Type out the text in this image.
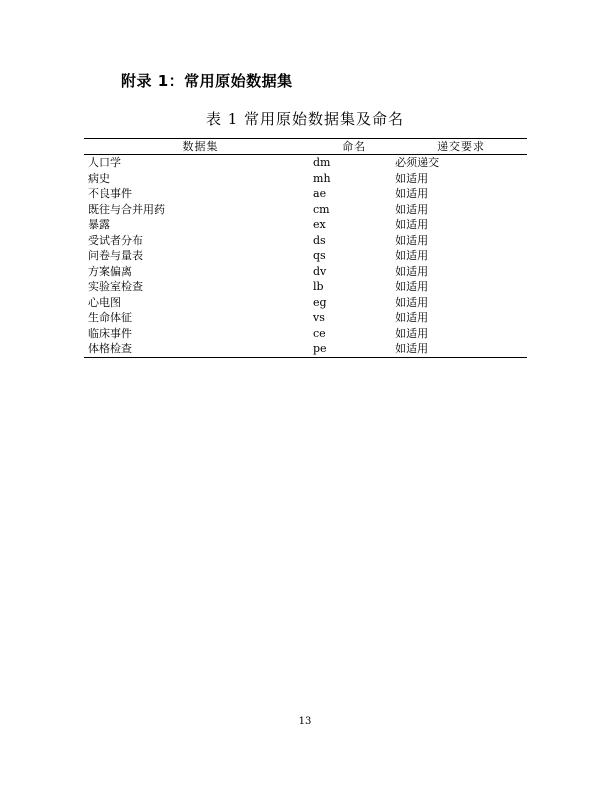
附录 1：常用原始数据集
表 1 常用原始数据集及命名
数据集	命名	递交要求
人口学	dm	必须递交
病史	mh	如适用
不良事件	ae	如适用
既往与合并用药	cm	如适用
暴露	ex	如适用
受试者分布	ds	如适用
问卷与量表	qs	如适用
方案偏离	dv	如适用
实验室检查	lb	如适用
心电图	eg	如适用
生命体征	vs	如适用
临床事件	ce	如适用
体格检查	pe	如适用
13
